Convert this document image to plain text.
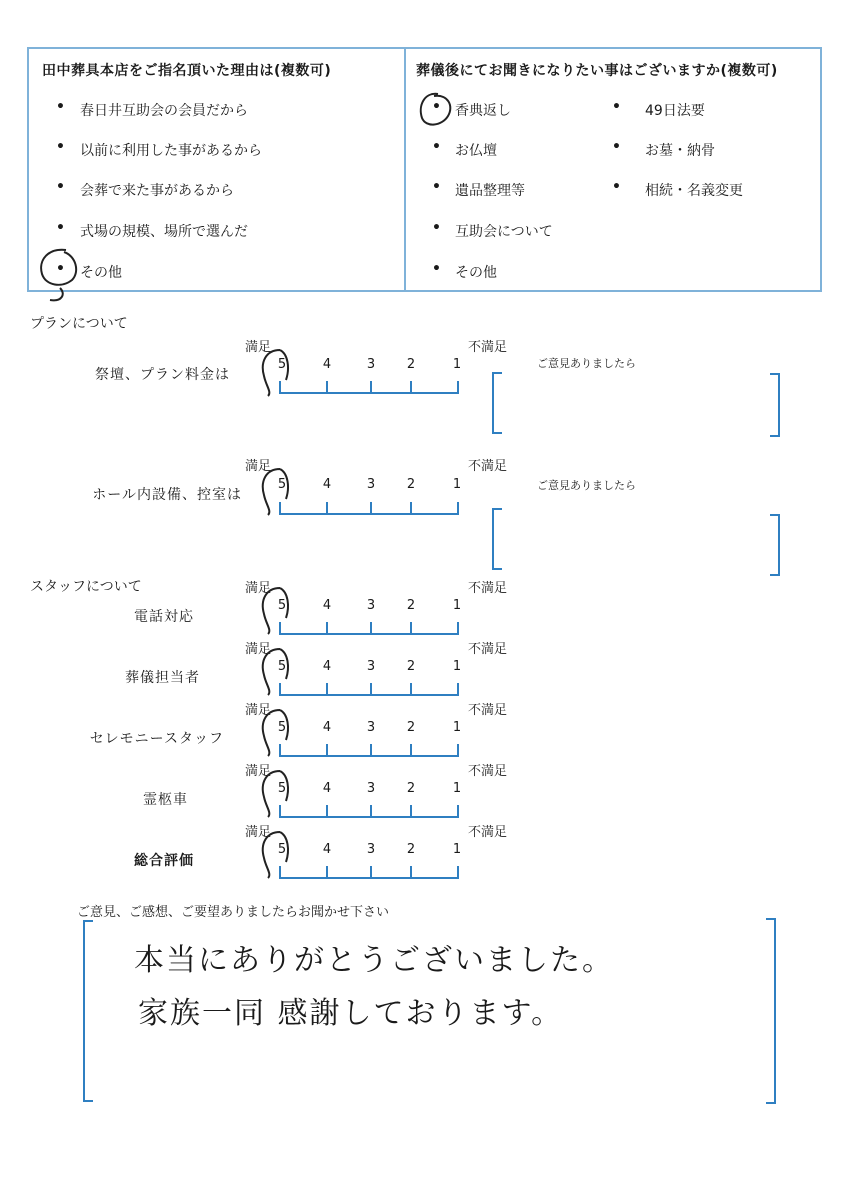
田中葬具本店をご指名頂いた理由は(複数可)	葬儀後にてお聞きになりたい事はございますか(複数可)
• 春日井互助会の会員だから
• 以前に利用した事があるから
• 会葬で来た事があるから
• 式場の規模、場所で選んだ
• その他
• 香典返し
• お仏壇
• 遺品整理等
• 互助会について
• その他
• 49日法要
• お墓・納骨
• 相続・名義変更
プランについて
祭壇、プラン料金は
満足	不満足
5	4	3 2	1	ご意見ありましたら
ホール内設備、控室は
満足	不満足
5	4	3 2	1	ご意見ありましたら
スタッフについて
電話対応
満足	不満足
5	4	3 2	1
葬儀担当者
満足	不満足
5	4	3 2	1
セレモニースタッフ
満足	不満足
5	4	3 2	1
霊柩車
満足	不満足
5	4	3 2	1
総合評価
満足	不満足
5	4	3 2	1
ご意見、ご感想、ご要望ありましたらお聞かせ下さい
本当にありがとうございました。
家族一同 感謝しております。
